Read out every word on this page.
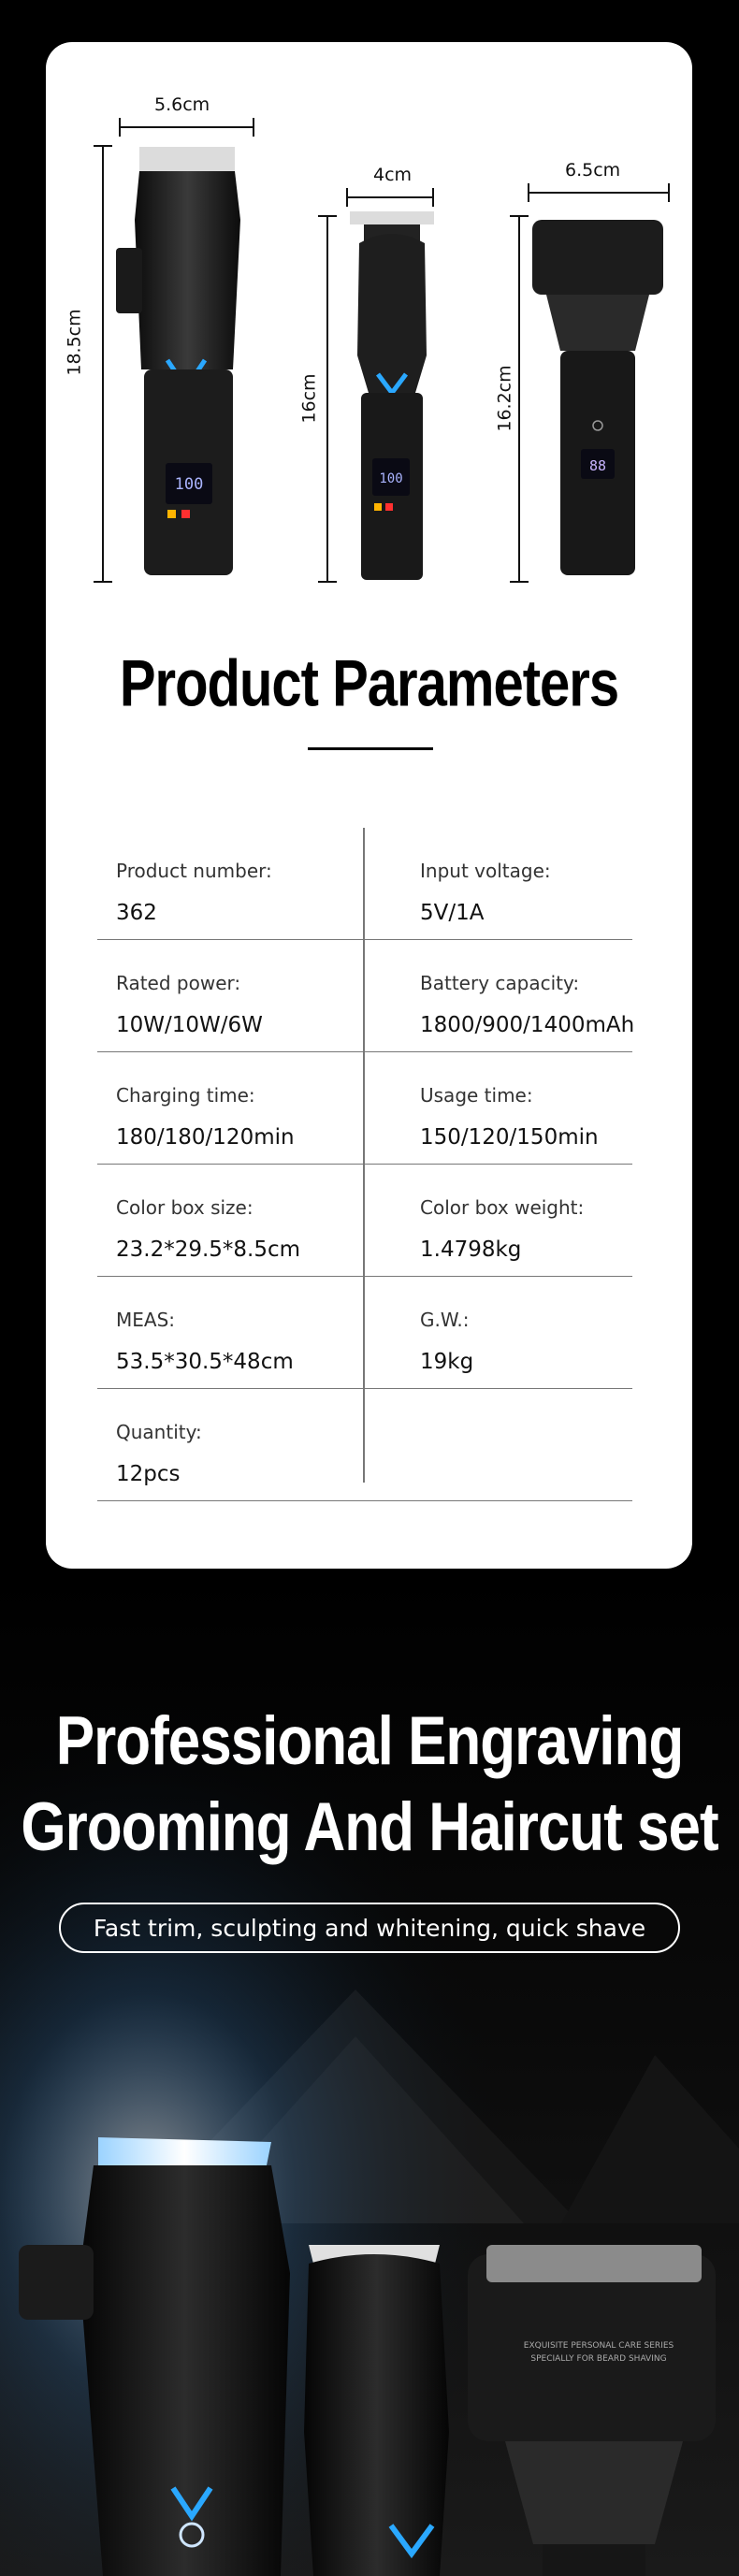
5.6cm
18.5cm
4cm
16cm
6.5cm
16.2cm
100	100
88
Product Parameters
Product number:
362
Input voltage:
5V/1A
Rated power:
10W/10W/6W
Battery capacity:
1800/900/1400mAh
Charging time:
180/180/120min
Usage time:
150/120/150min
Color box size:
23.2*29.5*8.5cm
Color box weight:
1.4798kg
MEAS:
53.5*30.5*48cm
G.W.:
19kg
Quantity:
12pcs
Professional Engraving
Grooming And Haircut set
Fast trim, sculpting and whitening, quick shave
EXQUISITE PERSONAL CARE SERIES
SPECIALLY FOR BEARD SHAVING
